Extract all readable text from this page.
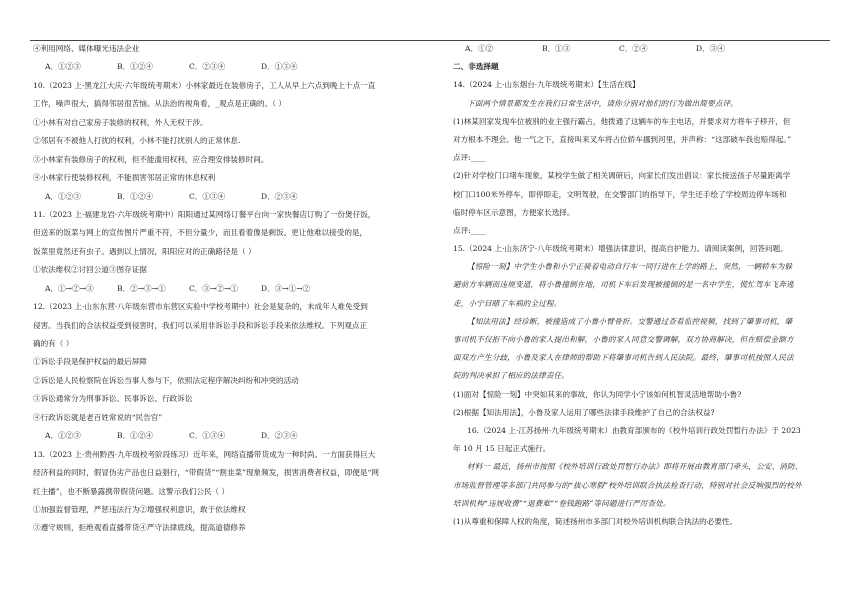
④利用网络、媒体曝光违法企业
A．①②③	B．①②④	C．②③④	D．①③④
10.（2023 上·黑龙江大庆·六年级统考期末）小林家最近在装修房子，工人从早上六点到晚上十点一直
工作，噪声很大，搞得邻居很苦恼。从法治的视角看，_观点是正确的。（ ）
①小林有对自己家房子装修的权利，外人无权干涉。
②邻居有不被他人打扰的权利，小林不能打扰别人的正常休息.
③小林家有装修房子的权利，但不能滥用权利，应合理安排装修时间。
④小林家行使装修权利，不能损害邻居正常的休息权利
A．①②③	B．①②④	C．①③④	D．②③④
11.（2023 上·福建龙岩·六年级统考期中）阳阳通过某网络订餐平台向一家快餐店订购了一份煲仔饭，
但送来的饭菜与网上的宣传图片严重不符，不但分量少，而且看着像是剩饭。更让他难以接受的是，
饭菜里竟然还有虫子。遇到以上情况，阳阳应对的正确路径是（ ）
①依法维权②讨回公道③图存证据
A．①→②→③	B．②→③→①	C．③→②→①	D．③→①→②
12.（2023 上·山东东营·八年级东营市东营区实验中学校考期中）社会是复杂的，未成年人难免受到
侵害。当我们的合法权益受到侵害时，我们可以采用非诉讼手段和诉讼手段来依法维权。下列观点正
确的有（ ）
①诉讼手段是保护权益的最后屏障
②诉讼是人民检察院在诉讼当事人参与下，依照法定程序解决纠纷和冲突的活动
③诉讼通常分为刑事诉讼、民事诉讼、行政诉讼
④行政诉讼就是老百姓常说的“民告官”
A．①②③	B．①②④	C．①③④	D．②③④
13.（2023 上·贵州黔西·九年级校考阶段练习）近年来，网络直播带货成为一种时尚。一方面获得巨大
经济利益的同时，假冒伪劣产品也日益猖行，“带假货”“割韭菜”现象频发，损害消费者权益，即便是“网
红主播”，也不断暴露携带假货问题。这警示我们公民（ ）
①加强监督管理，严惩违法行为②增强权利意识，敢于依法维权
③遵守规则，拒绝观看直播带货④严守法律底线，提高道德修养
A．①②	B．①③	C．②④	D．③④
二、非选择题
14.（2024 上·山东烟台·九年级统考期末）【生活在线】
下面两个情景都发生在我们日常生活中，请你分别对他们的行为做出简要点评。
(1)林某回家发现车位被别的业主强行霸占，他拨通了这辆车的车主电话，并要求对方将车子移开，但
对方根本不理会。他一气之下，直接叫来叉车将占位轿车挪到河里，并声称：“这部破车我也赔得起。”
点评:____
(2)针对学校门口堵车现象，某校学生做了相关调研后，向家长们发出倡议：家长接送孩子尽量距离学
校门口100米外停车，即停即走，文明驾驶，在交警部门的指导下，学生还手绘了学校周边停车场和
临时停车区示意图，方便家长选择。
点评:____
15.（2024 上·山东济宁·八年级统考期末）增强法律意识，提高自护能力。请阅读案例，回答问题。
【惊险一刻】中学生小鲁和小宁正骑着电动自行车一同行进在上学的路上，突然，一辆轿车为躲
避前方车辆而违规变道，将小鲁撞倒在地，司机下车后发现被撞倒的是一名中学生，慌忙驾车飞奔逃
走，小宁目睹了车祸的全过程。
【知法用法】经诊断，被撞造成了小鲁小臂骨折。交警通过查看监控视频，找到了肇事司机，肇
事司机不仅拒不向小鲁的家人提出和解，小鲁的家人同意交警调解，双方协商解决，但在赔偿金额方
面双方产生分歧，小鲁及家人在律师的帮助下将肇事司机告到人民法院。最终，肇事司机按照人民法
院的判决承担了相应的法律责任。
(1)面对【惊险一刻】中突如其来的事故，你认为同学小宁该如何机智灵活地帮助小鲁?
(2)根据【知法用法】，小鲁及家人运用了哪些法律手段维护了自己的合法权益?
16.（2024 上·江苏扬州·九年级统考期末）由教育部颁布的《校外培训行政处罚暂行办法》于 2023
年 10 月 15 日起正式施行。
材料一 最近，扬州市按照《校外培训行政处罚暂行办法》即将开展由教育部门牵头，公安、消防、
市场监督管理等多部门共同参与的“拔心寒假”校外培训联合执法检查行动，特别对社会反响强烈的校外
培训机构“违规收费”“退费难”“卷钱跑路”等问题进行严厉查处。
(1)从尊重和保障人权的角度，简述扬州市多部门对校外培训机构联合执法的必要性。
